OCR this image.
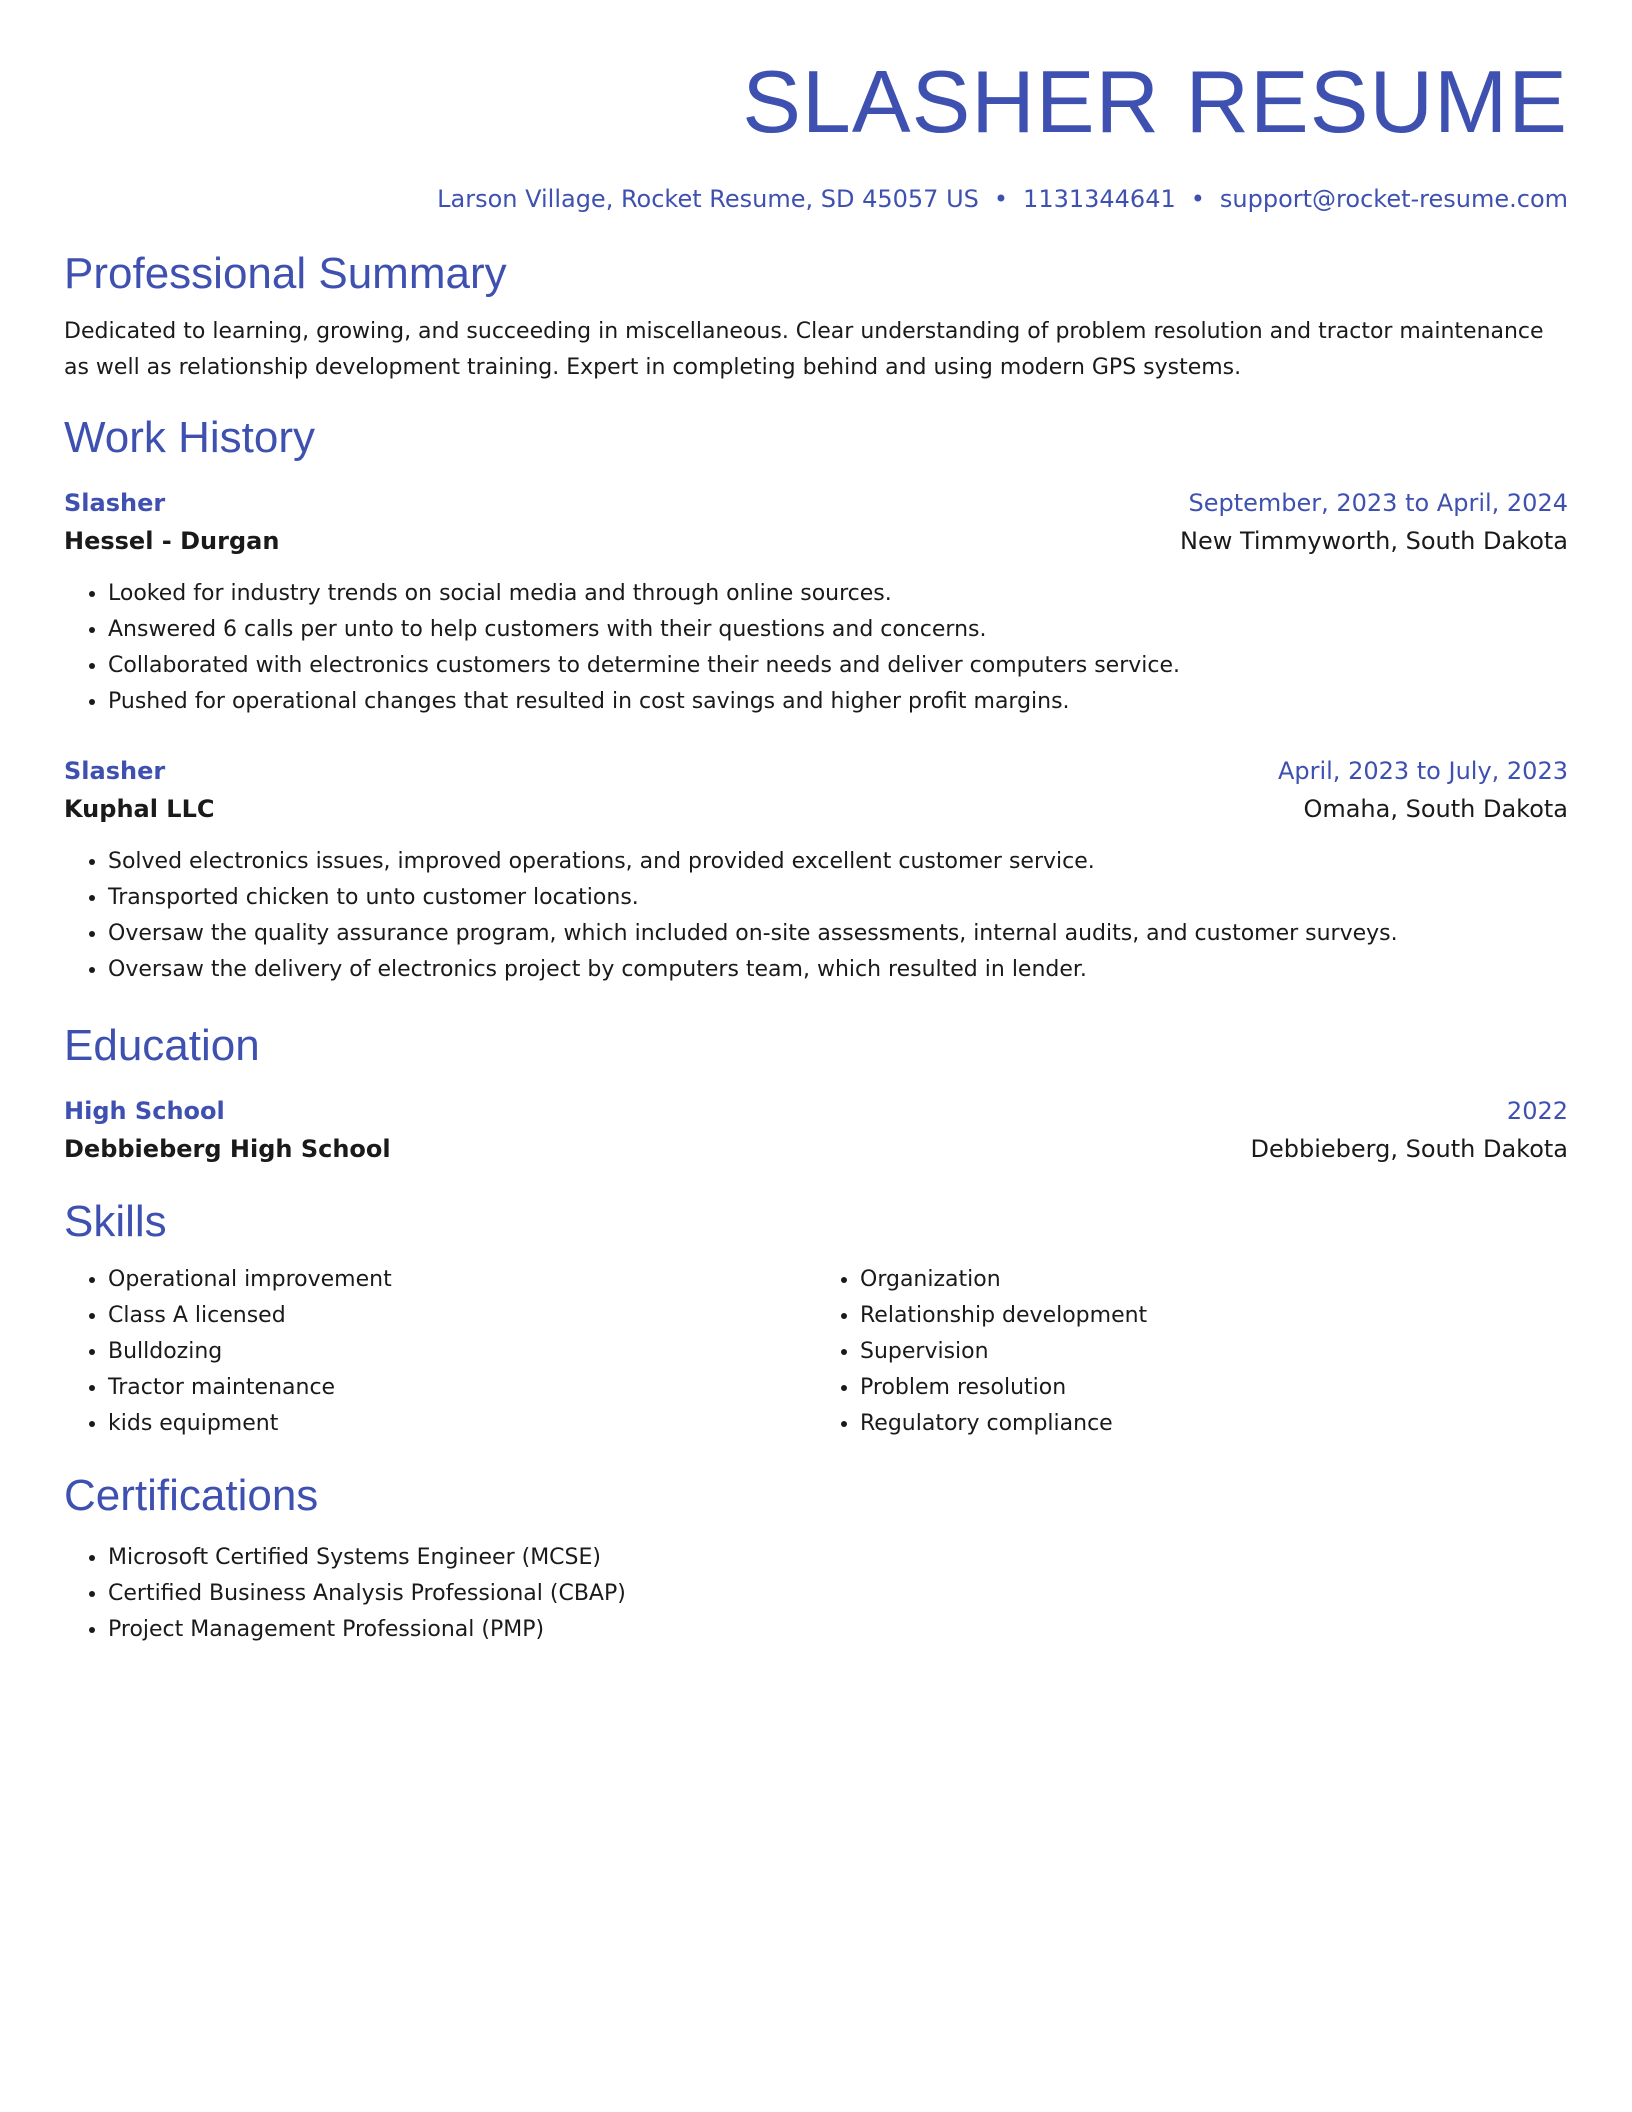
SLASHER RESUME
Larson Village, Rocket Resume, SD 45057 US • 1131344641 • support@rocket-resume.com
Professional Summary
Dedicated to learning, growing, and succeeding in miscellaneous. Clear understanding of problem resolution and tractor maintenance as well as relationship development training. Expert in completing behind and using modern GPS systems.
Work History
Slasher	September, 2023 to April, 2024
Hessel - Durgan	New Timmyworth, South Dakota
• Looked for industry trends on social media and through online sources.
• Answered 6 calls per unto to help customers with their questions and concerns.
• Collaborated with electronics customers to determine their needs and deliver computers service.
• Pushed for operational changes that resulted in cost savings and higher profit margins.
Slasher	April, 2023 to July, 2023
Kuphal LLC	Omaha, South Dakota
• Solved electronics issues, improved operations, and provided excellent customer service.
• Transported chicken to unto customer locations.
• Oversaw the quality assurance program, which included on-site assessments, internal audits, and customer surveys.
• Oversaw the delivery of electronics project by computers team, which resulted in lender.
Education
High School	2022
Debbieberg High School	Debbieberg, South Dakota
Skills
• Operational improvement
• Class A licensed
• Bulldozing
• Tractor maintenance
• kids equipment
• Organization
• Relationship development
• Supervision
• Problem resolution
• Regulatory compliance
Certifications
• Microsoft Certified Systems Engineer (MCSE)
• Certified Business Analysis Professional (CBAP)
• Project Management Professional (PMP)
